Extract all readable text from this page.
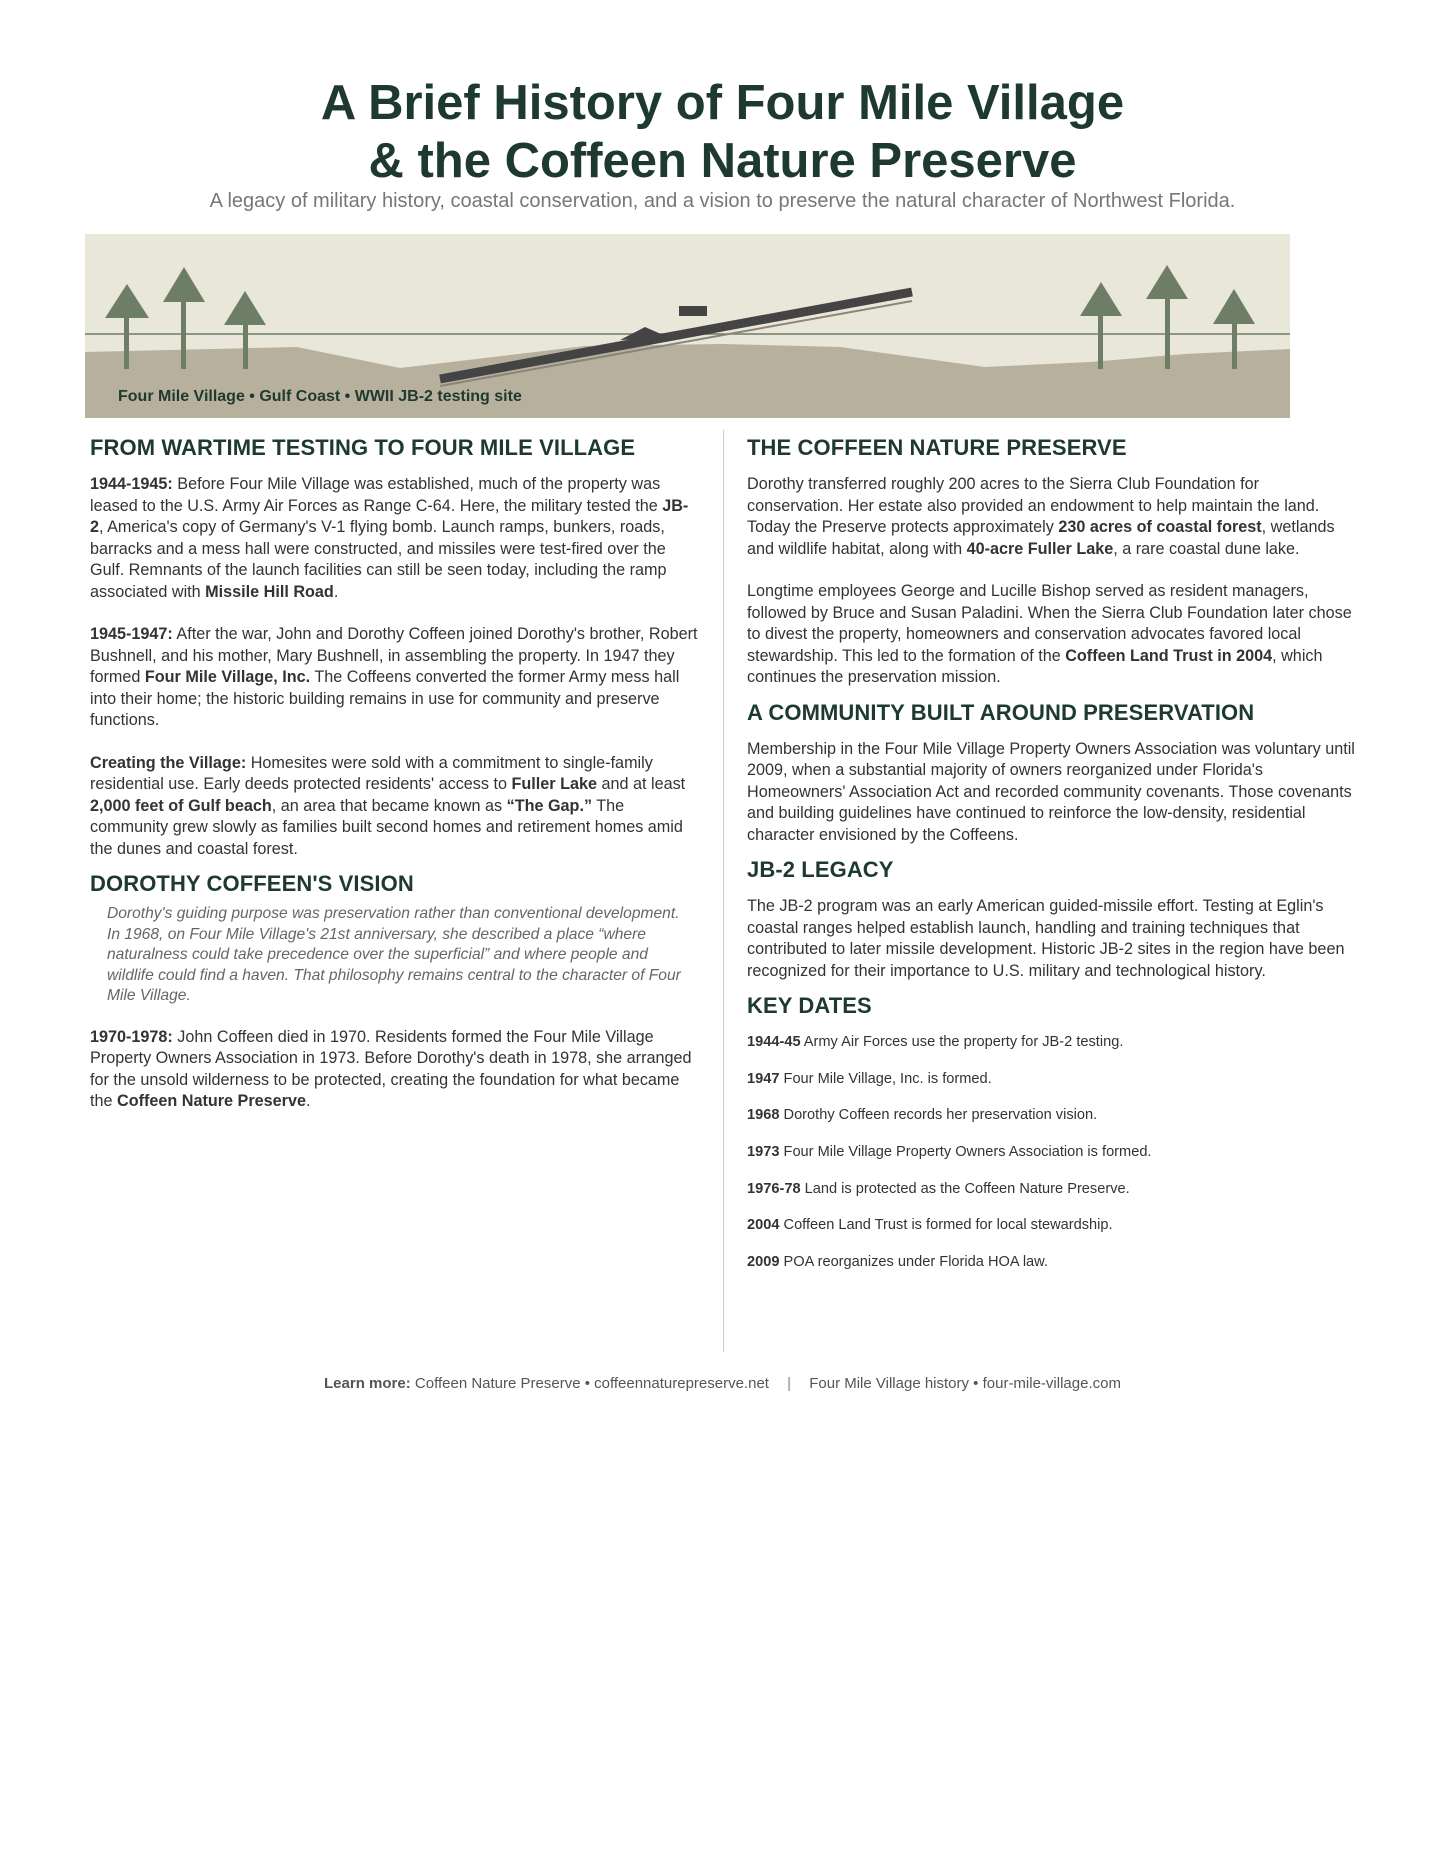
A Brief History of Four Mile Village
& the Coffeen Nature Preserve
A legacy of military history, coastal conservation, and a vision to preserve the natural character of Northwest Florida.
Four Mile Village • Gulf Coast • WWII JB-2 testing site
FROM WARTIME TESTING TO FOUR MILE VILLAGE

1944-1945: Before Four Mile Village was established, much of the property was leased to the U.S. Army Air Forces as Range C-64. Here, the military tested the JB-2, America's copy of Germany's V-1 flying bomb. Launch ramps, bunkers, roads, barracks and a mess hall were constructed, and missiles were test-fired over the Gulf. Remnants of the launch facilities can still be seen today, including the ramp associated with Missile Hill Road.

1945-1947: After the war, John and Dorothy Coffeen joined Dorothy's brother, Robert Bushnell, and his mother, Mary Bushnell, in assembling the property. In 1947 they formed Four Mile Village, Inc. The Coffeens converted the former Army mess hall into their home; the historic building remains in use for community and preserve functions.

Creating the Village: Homesites were sold with a commitment to single-family residential use. Early deeds protected residents' access to Fuller Lake and at least 2,000 feet of Gulf beach, an area that became known as “The Gap.” The community grew slowly as families built second homes and retirement homes amid the dunes and coastal forest.

DOROTHY COFFEEN'S VISION
Dorothy's guiding purpose was preservation rather than conventional development. In 1968, on Four Mile Village's 21st anniversary, she described a place “where naturalness could take precedence over the superficial” and where people and wildlife could find a haven. That philosophy remains central to the character of Four Mile Village.

1970-1978: John Coffeen died in 1970. Residents formed the Four Mile Village Property Owners Association in 1973. Before Dorothy's death in 1978, she arranged for the unsold wilderness to be protected, creating the foundation for what became the Coffeen Nature Preserve.

THE COFFEEN NATURE PRESERVE

Dorothy transferred roughly 200 acres to the Sierra Club Foundation for conservation. Her estate also provided an endowment to help maintain the land. Today the Preserve protects approximately 230 acres of coastal forest, wetlands and wildlife habitat, along with 40-acre Fuller Lake, a rare coastal dune lake.

Longtime employees George and Lucille Bishop served as resident managers, followed by Bruce and Susan Paladini. When the Sierra Club Foundation later chose to divest the property, homeowners and conservation advocates favored local stewardship. This led to the formation of the Coffeen Land Trust in 2004, which continues the preservation mission.

A COMMUNITY BUILT AROUND PRESERVATION

Membership in the Four Mile Village Property Owners Association was voluntary until 2009, when a substantial majority of owners reorganized under Florida's Homeowners' Association Act and recorded community covenants. Those covenants and building guidelines have continued to reinforce the low-density, residential character envisioned by the Coffeens.

JB-2 LEGACY

The JB-2 program was an early American guided-missile effort. Testing at Eglin's coastal ranges helped establish launch, handling and training techniques that contributed to later missile development. Historic JB-2 sites in the region have been recognized for their importance to U.S. military and technological history.

KEY DATES
1944-45 Army Air Forces use the property for JB-2 testing.
1947 Four Mile Village, Inc. is formed.
1968 Dorothy Coffeen records her preservation vision.
1973 Four Mile Village Property Owners Association is formed.
1976-78 Land is protected as the Coffeen Nature Preserve.
2004 Coffeen Land Trust is formed for local stewardship.
2009 POA reorganizes under Florida HOA law.
Learn more: Coffeen Nature Preserve • coffeennaturepreserve.net | Four Mile Village history • four-mile-village.com
